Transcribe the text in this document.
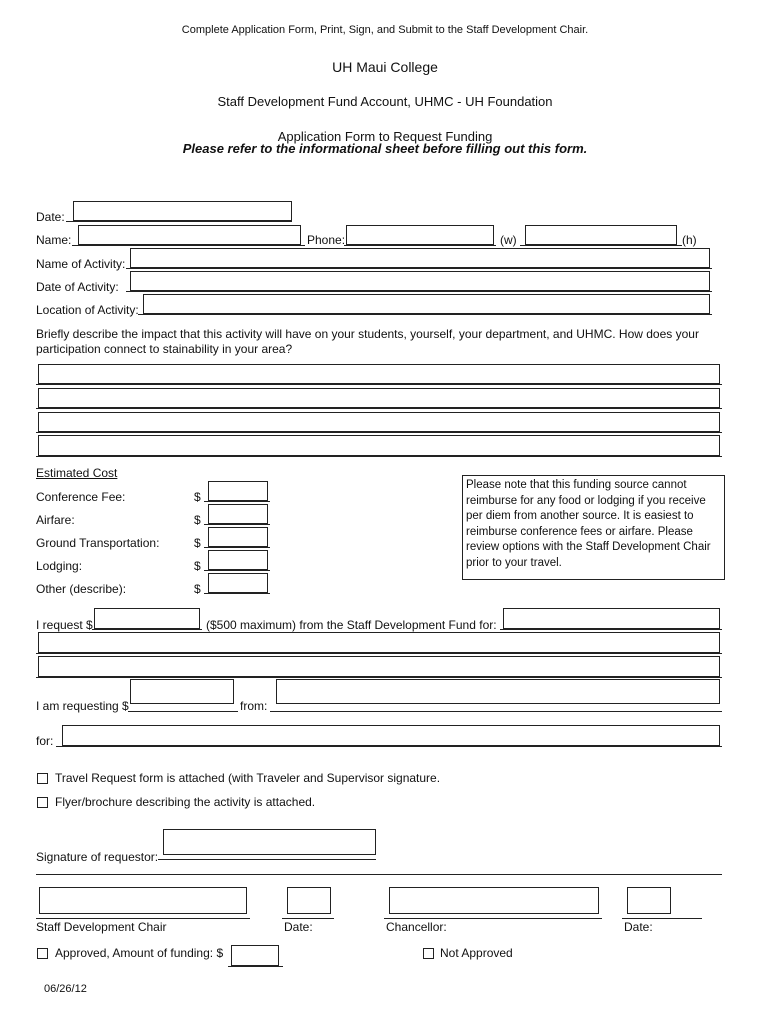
Complete Application Form, Print, Sign, and Submit to the Staff Development Chair.
UH Maui College
Staff Development Fund Account, UHMC - UH Foundation
Application Form to Request Funding
Please refer to the informational sheet before filling out this form.
Date:
Name:	Phone:	(w)	(h)
Name of Activity:
Date of Activity:
Location of Activity:
Briefly describe the impact that this activity will have on your students, yourself, your department, and UHMC. How does your
participation connect to stainability in your area?
Estimated Cost
Conference Fee:	$
Airfare:	$
Ground Transportation:	$
Lodging:	$
Other (describe):	$
Please note that this funding source cannot
reimburse for any food or lodging if you receive
per diem from another source. It is easiest to
reimburse conference fees or airfare. Please
review options with the Staff Development Chair
prior to your travel.
I request $	($500 maximum) from the Staff Development Fund for:
I am requesting $	from:
for:
Travel Request form is attached (with Traveler and Supervisor signature.
Flyer/brochure describing the activity is attached.
Signature of requestor:
Staff Development Chair	Date:	Chancellor:	Date:
Approved, Amount of funding: $	Not Approved
06/26/12
